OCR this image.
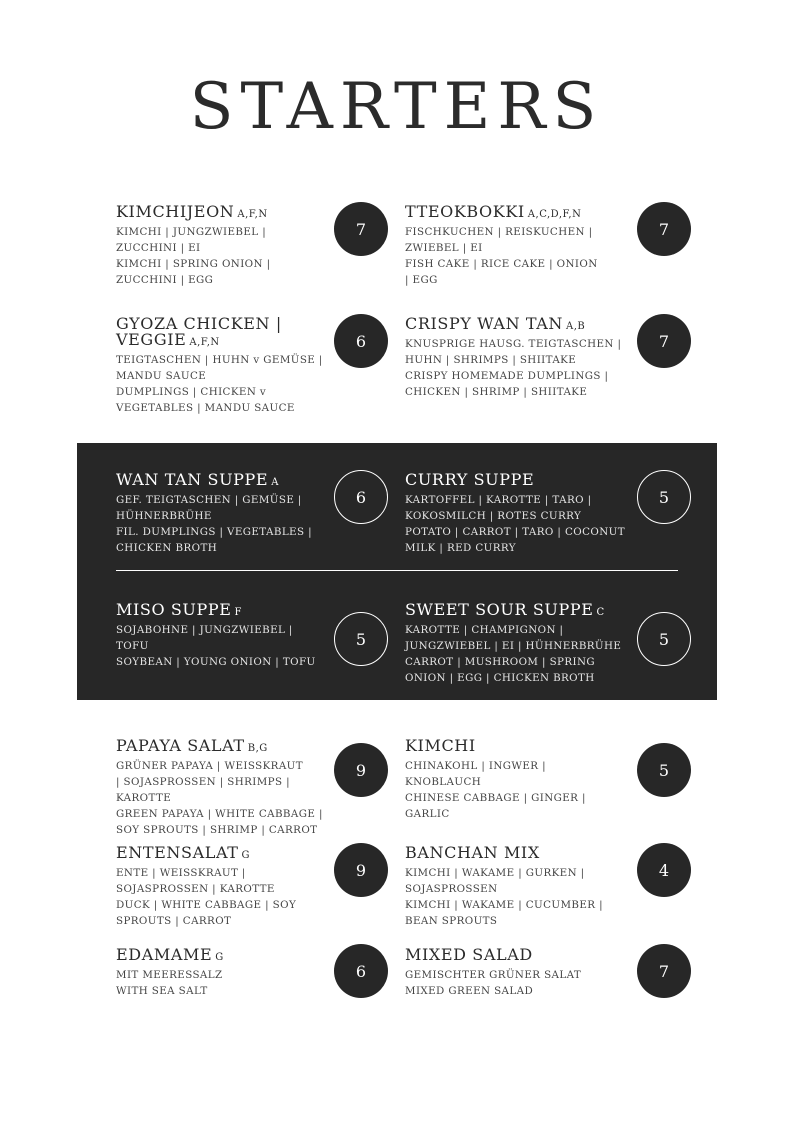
STARTERS
KIMCHIJEON A,F,N
KIMCHI | JUNGZWIEBEL |
ZUCCHINI | EI
KIMCHI | SPRING ONION |
ZUCCHINI | EGG
7
TTEOKBOKKI A,C,D,F,N
FISCHKUCHEN | REISKUCHEN |
ZWIEBEL | EI
FISH CAKE | RICE CAKE | ONION
| EGG
7
GYOZA CHICKEN |
VEGGIE A,F,N
TEIGTASCHEN | HUHN v GEMÜSE |
MANDU SAUCE
DUMPLINGS | CHICKEN v
VEGETABLES | MANDU SAUCE
6
CRISPY WAN TAN A,B
KNUSPRIGE HAUSG. TEIGTASCHEN |
HUHN | SHRIMPS | SHIITAKE
CRISPY HOMEMADE DUMPLINGS |
CHICKEN | SHRIMP | SHIITAKE
7
WAN TAN SUPPE A
GEF. TEIGTASCHEN | GEMÜSE |
HÜHNERBRÜHE
FIL. DUMPLINGS | VEGETABLES |
CHICKEN BROTH
6
CURRY SUPPE
KARTOFFEL | KAROTTE | TARO |
KOKOSMILCH | ROTES CURRY
POTATO | CARROT | TARO | COCONUT
MILK | RED CURRY
5
MISO SUPPE F
SOJABOHNE | JUNGZWIEBEL |
TOFU
SOYBEAN | YOUNG ONION | TOFU
5
SWEET SOUR SUPPE C
KAROTTE | CHAMPIGNON |
JUNGZWIEBEL | EI | HÜHNERBRÜHE
CARROT | MUSHROOM | SPRING
ONION | EGG | CHICKEN BROTH
5
PAPAYA SALAT B,G
GRÜNER PAPAYA | WEISSKRAUT
| SOJASPROSSEN | SHRIMPS |
KAROTTE
GREEN PAPAYA | WHITE CABBAGE |
SOY SPROUTS | SHRIMP | CARROT
9
KIMCHI
CHINAKOHL | INGWER |
KNOBLAUCH
CHINESE CABBAGE | GINGER |
GARLIC
5
ENTENSALAT G
ENTE | WEISSKRAUT |
SOJASPROSSEN | KAROTTE
DUCK | WHITE CABBAGE | SOY
SPROUTS | CARROT
9
BANCHAN MIX
KIMCHI | WAKAME | GURKEN |
SOJASPROSSEN
KIMCHI | WAKAME | CUCUMBER |
BEAN SPROUTS
4
EDAMAME G
MIT MEERESSALZ
WITH SEA SALT
6
MIXED SALAD
GEMISCHTER GRÜNER SALAT
MIXED GREEN SALAD
7
